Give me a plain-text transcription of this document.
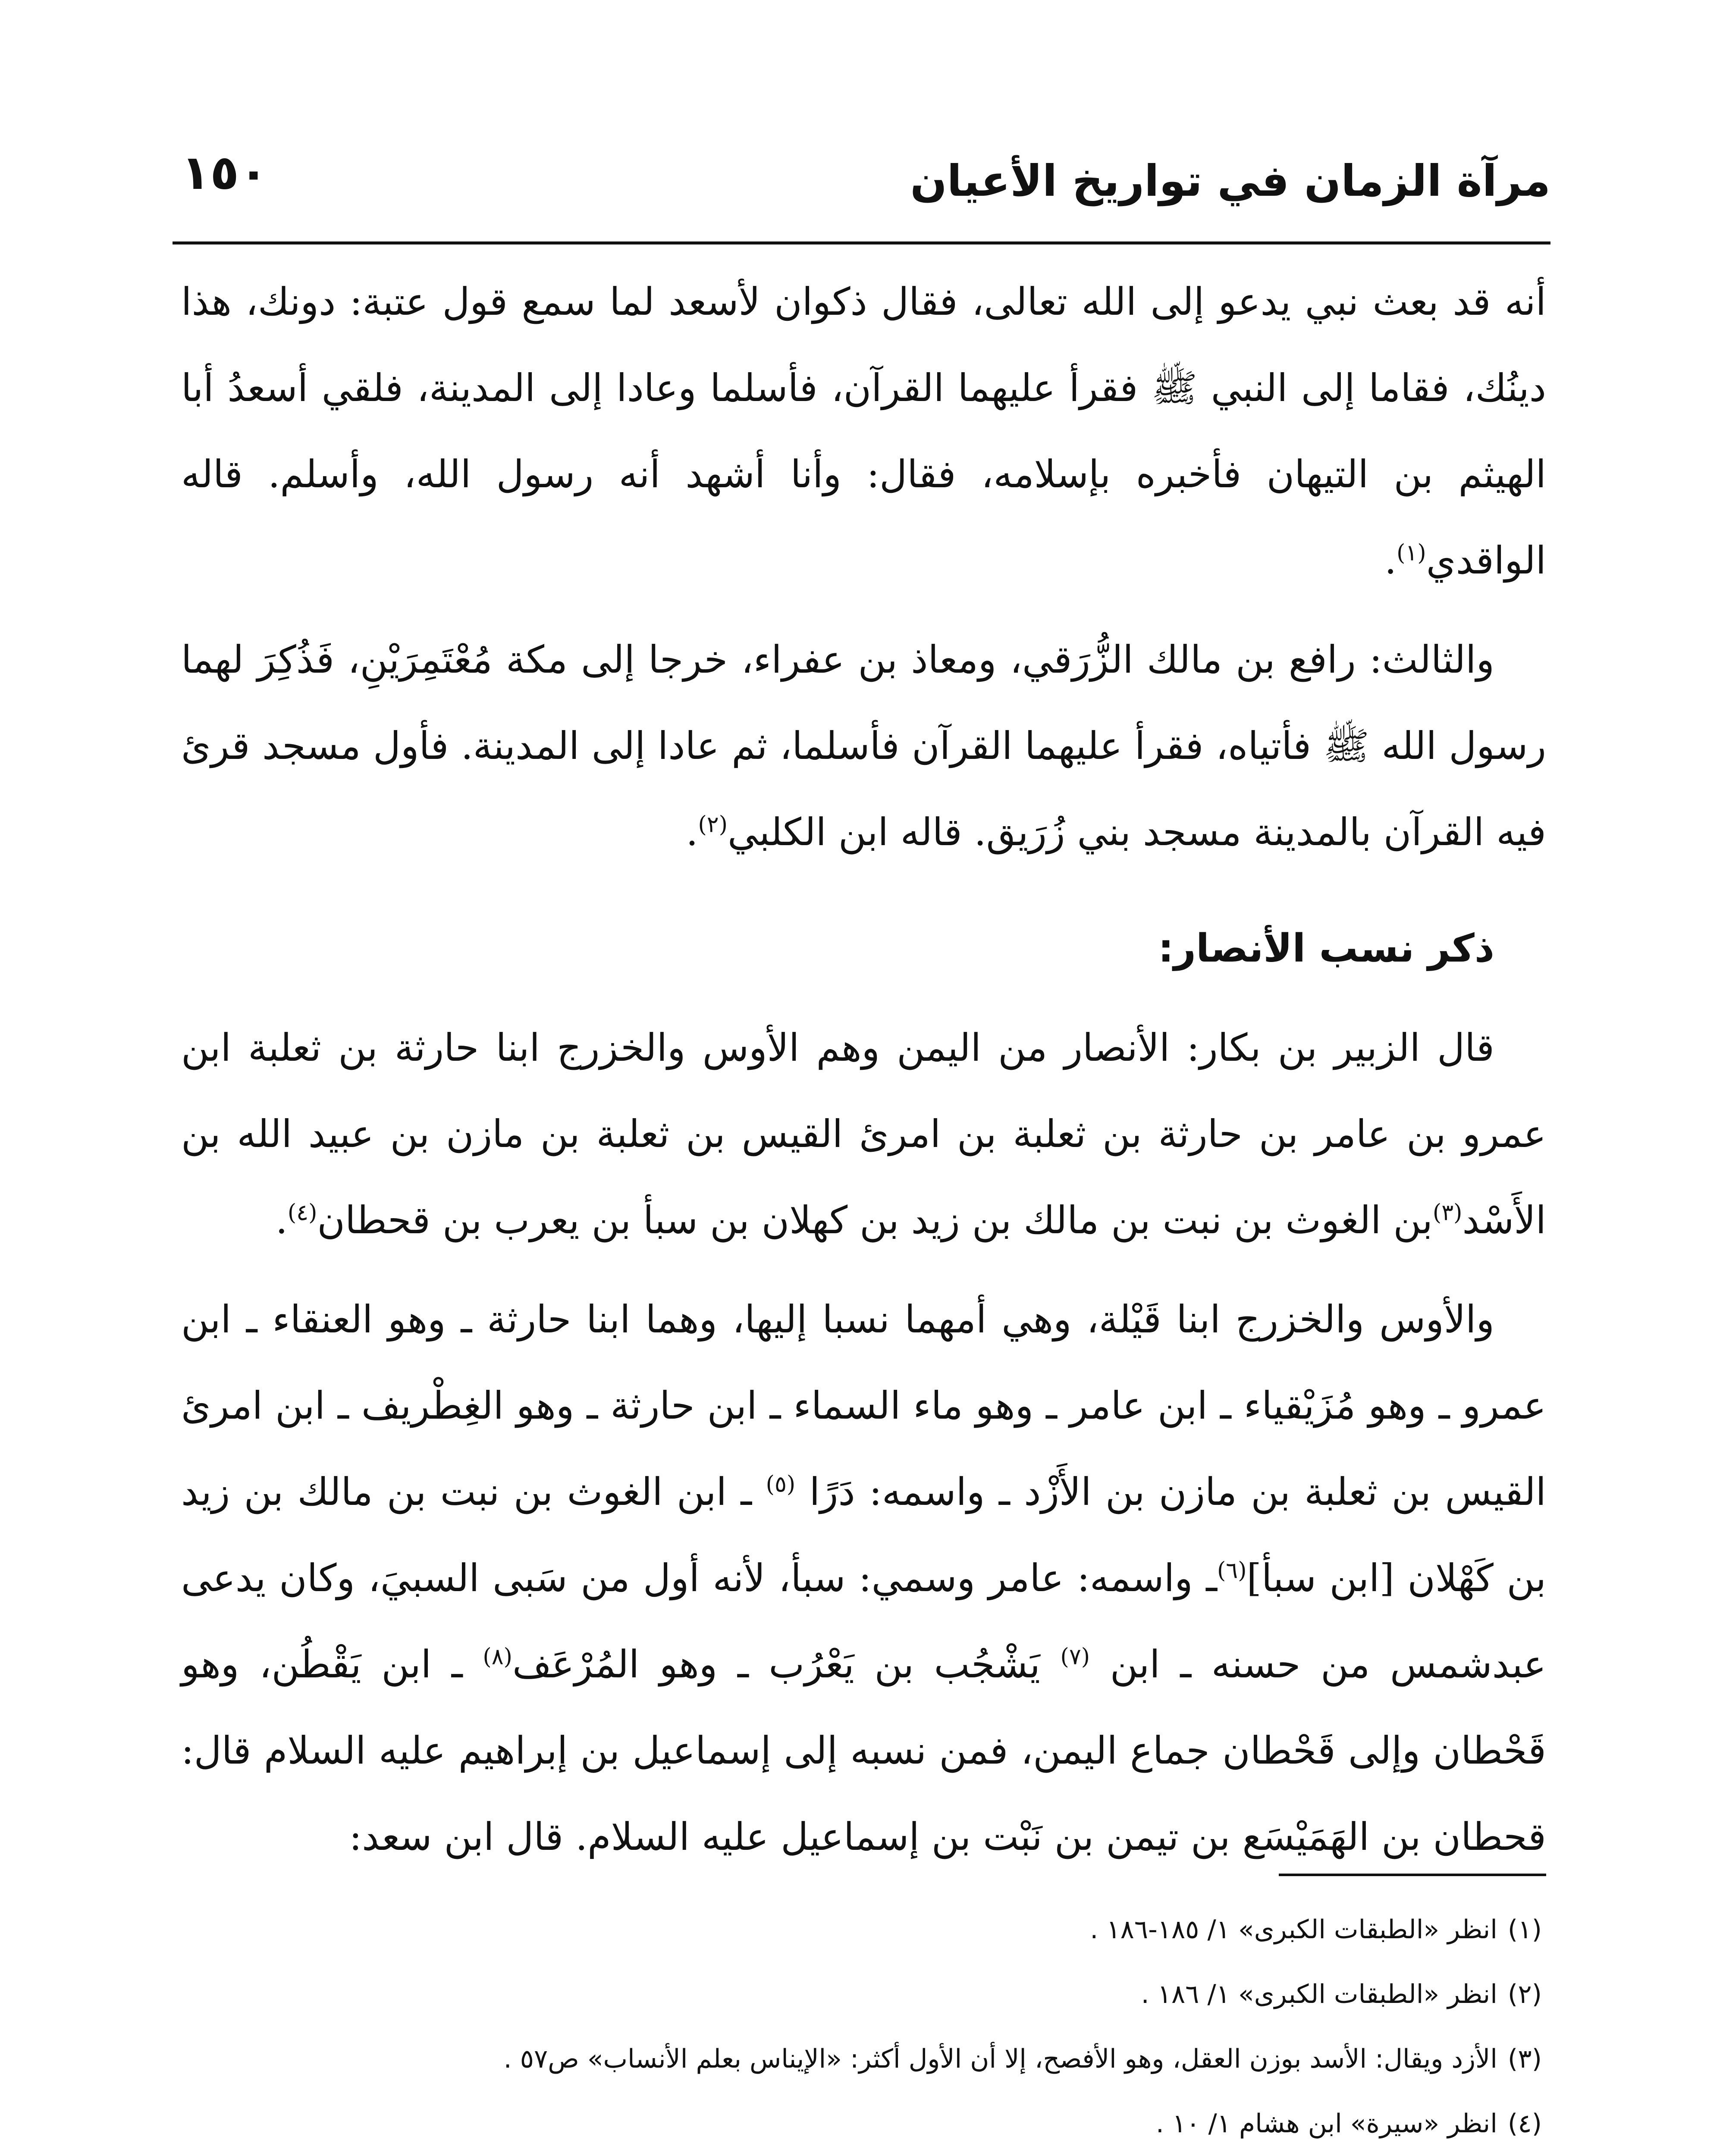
مرآة الزمان في تواريخ الأعيان
١٥٠

أنه قد بعث نبي يدعو إلى الله تعالى، فقال ذكوان لأسعد لما سمع قول عتبة: دونك، هذا دينُك، فقاما إلى النبي ﷺ فقرأ عليهما القرآن، فأسلما وعادا إلى المدينة، فلقي أسعدُ أبا الهيثم بن التيهان فأخبره بإسلامه، فقال: وأنا أشهد أنه رسول الله، وأسلم. قاله الواقدي$^{(١)}$.

والثالث: رافع بن مالك الزُّرَقي، ومعاذ بن عفراء، خرجا إلى مكة مُعْتَمِرَيْنِ، فَذُكِرَ لهما رسول الله ﷺ فأتياه، فقرأ عليهما القرآن فأسلما، ثم عادا إلى المدينة. فأول مسجد قرئ فيه القرآن بالمدينة مسجد بني زُرَيق. قاله ابن الكلبي$^{(٢)}$.

ذكر نسب الأنصار:

قال الزبير بن بكار: الأنصار من اليمن وهم الأوس والخزرج ابنا حارثة بن ثعلبة ابن عمرو بن عامر بن حارثة بن ثعلبة بن امرئ القيس بن ثعلبة بن مازن بن عبيد الله بن الأَسْد$^{(٣)}$بن الغوث بن نبت بن مالك بن زيد بن كهلان بن سبأ بن يعرب بن قحطان$^{(٤)}$.

والأوس والخزرج ابنا قَيْلة، وهي أمهما نسبا إليها، وهما ابنا حارثة ـ وهو العنقاء ـ ابن عمرو ـ وهو مُزَيْقياء ـ ابن عامر ـ وهو ماء السماء ـ ابن حارثة ـ وهو الغِطْريف ـ ابن امرئ القيس بن ثعلبة بن مازن بن الأَزْد ـ واسمه: دَرًا $^{(٥)}$ ـ ابن الغوث بن نبت بن مالك بن زيد بن كَهْلان [ابن سبأ]$^{(٦)}$ـ واسمه: عامر وسمي: سبأ، لأنه أول من سَبى السبيَ، وكان يدعى عبدشمس من حسنه ـ ابن $^{(٧)}$ يَشْجُب بن يَعْرُب ـ وهو المُرْعَف$^{(٨)}$ ـ ابن يَقْطُن، وهو قَحْطان وإلى قَحْطان جماع اليمن، فمن نسبه إلى إسماعيل بن إبراهيم عليه السلام قال: قحطان بن الهَمَيْسَع بن تيمن بن نَبْت بن إسماعيل عليه السلام. قال ابن سعد:

(١)انظر «الطبقات الكبرى» ١/ ١٨٥-١٨٦ .
(٢)انظر «الطبقات الكبرى» ١/ ١٨٦ .
(٣)الأزد ويقال: الأسد بوزن العقل، وهو الأفصح، إلا أن الأول أكثر: «الإيناس بعلم الأنساب» ص٥٧ .
(٤)انظر «سيرة» ابن هشام ١/ ١٠ .
